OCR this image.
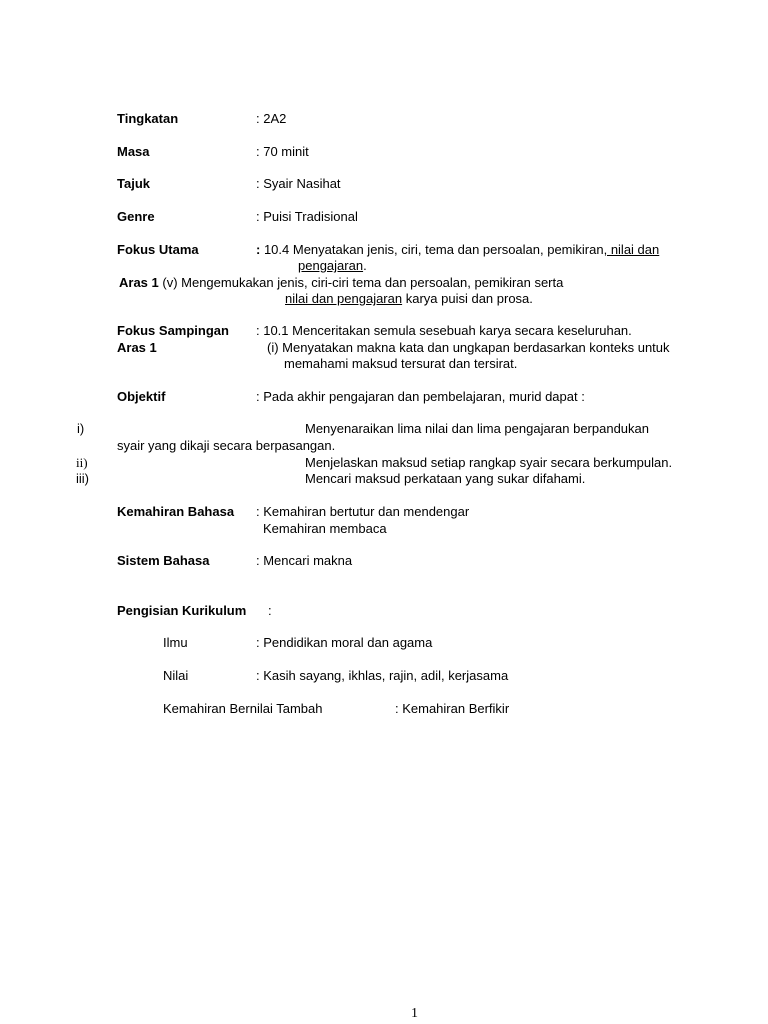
Tingkatan	: 2A2
Masa	: 70 minit
Tajuk	: Syair Nasihat
Genre	: Puisi Tradisional
Fokus Utama	: 10.4 Menyatakan jenis, ciri, tema dan persoalan, pemikiran, nilai dan
pengajaran.
Aras 1 (v) Mengemukakan jenis, ciri-ciri tema dan persoalan, pemikiran serta
nilai dan pengajaran karya puisi dan prosa.
Fokus Sampingan : 10.1 Menceritakan semula sesebuah karya secara keseluruhan.
Aras 1	(i) Menyatakan makna kata dan ungkapan berdasarkan konteks untuk
memahami maksud tersurat dan tersirat.
Objektif	: Pada akhir pengajaran dan pembelajaran, murid dapat :
i)	Menyenaraikan lima nilai dan lima pengajaran berpandukan
syair yang dikaji secara berpasangan.
ii)	Menjelaskan maksud setiap rangkap syair secara berkumpulan.
iii)	Mencari maksud perkataan yang sukar difahami.
Kemahiran Bahasa : Kemahiran bertutur dan mendengar
Kemahiran membaca
Sistem Bahasa	: Mencari makna
Pengisian Kurikulum :
Ilmu	: Pendidikan moral dan agama
Nilai	: Kasih sayang, ikhlas, rajin, adil, kerjasama
Kemahiran Bernilai Tambah	: Kemahiran Berfikir
1
